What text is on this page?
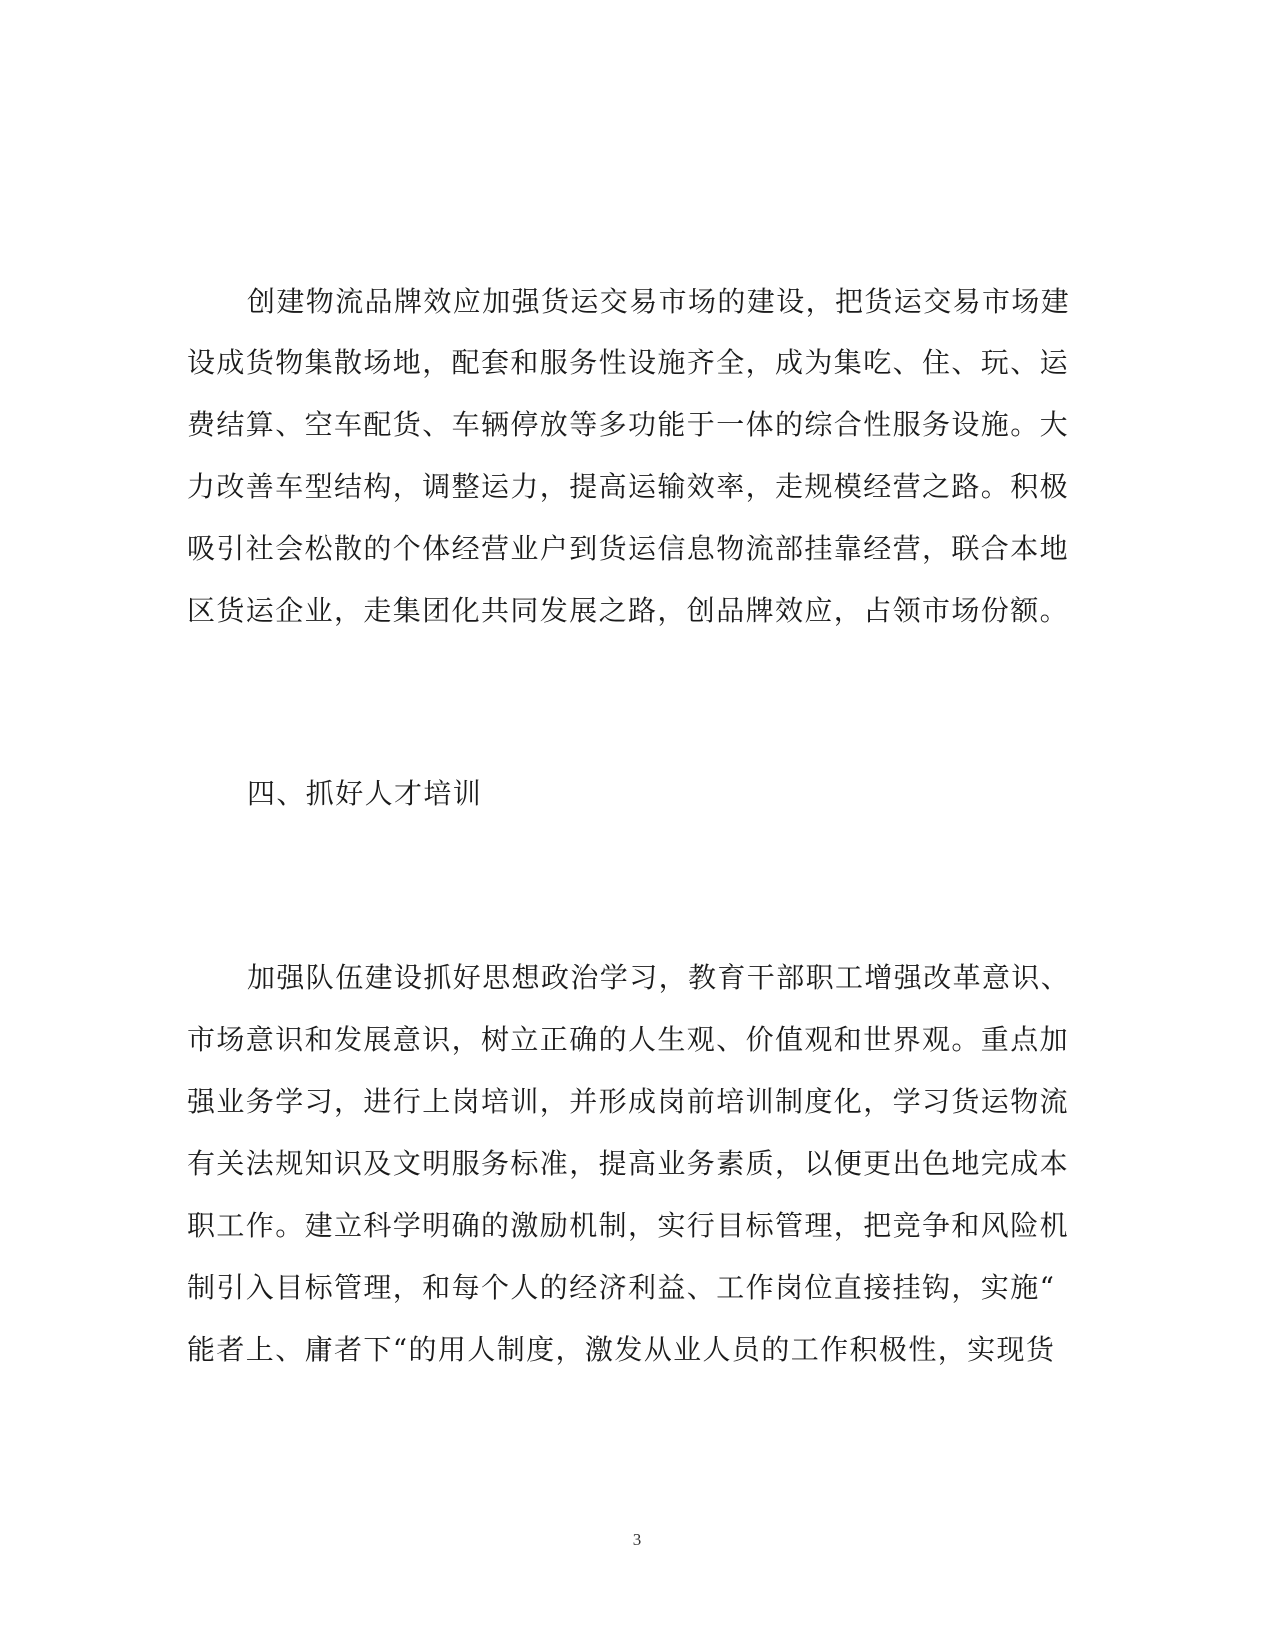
创建物流品牌效应加强货运交易市场的建设，把货运交易市场建
设成货物集散场地，配套和服务性设施齐全，成为集吃、住、玩、运
费结算、空车配货、车辆停放等多功能于一体的综合性服务设施。大
力改善车型结构，调整运力，提高运输效率，走规模经营之路。积极
吸引社会松散的个体经营业户到货运信息物流部挂靠经营，联合本地
区货运企业，走集团化共同发展之路，创品牌效应，占领市场份额。
四、抓好人才培训
加强队伍建设抓好思想政治学习，教育干部职工增强改革意识、
市场意识和发展意识，树立正确的人生观、价值观和世界观。重点加
强业务学习，进行上岗培训，并形成岗前培训制度化，学习货运物流
有关法规知识及文明服务标准，提高业务素质，以便更出色地完成本
职工作。建立科学明确的激励机制，实行目标管理，把竞争和风险机
制引入目标管理，和每个人的经济利益、工作岗位直接挂钩，实施“
能者上、庸者下“的用人制度，激发从业人员的工作积极性，实现货
3
